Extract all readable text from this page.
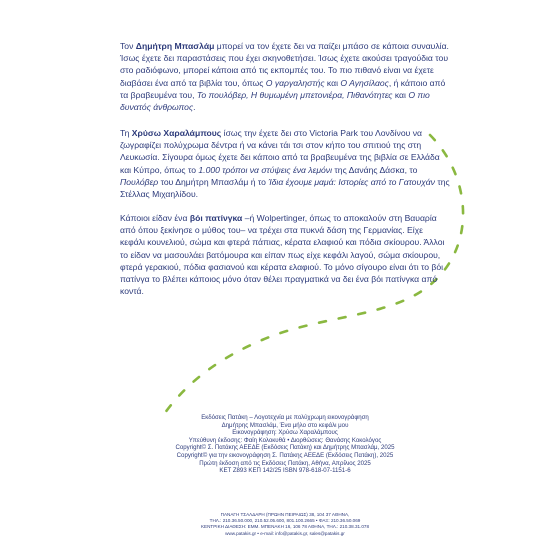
Τον Δημήτρη Μπασλάμ μπορεί να τον έχετε δει να παίζει μπάσο σε κάποια συναυλία. Ίσως έχετε δει παραστάσεις που έχει σκηνοθετήσει. Ίσως έχετε ακούσει τραγούδια του στο ραδιόφωνο, μπορεί κάποια από τις εκπομπές του. Το πιο πιθανό είναι να έχετε διαβάσει ένα από τα βιβλία του, όπως Ο γαργαληστής και Ο Αγησίλαος, ή κάποιο από τα βραβευμένα του, Το πουλόβερ, Η θυμωμένη μπετονιέρα, Πιθανότητες και Ο πιο δυνατός άνθρωπος.

Τη Χρύσω Χαραλάμπους ίσως την έχετε δει στο Victoria Park του Λονδίνου να ζωγραφίζει πολύχρωμα δέντρα ή να κάνει τάι τσι στον κήπο του σπιτιού της στη Λευκωσία. Σίγουρα όμως έχετε δει κάποιο από τα βραβευμένα της βιβλία σε Ελλάδα και Κύπρο, όπως το 1.000 τρόποι να στύψεις ένα λεμόνι της Δανάης Δάσκα, το Πουλόβερ του Δημήτρη Μπασλάμ ή το Ίδια έχουμε μαμά: Ιστορίες από το Γατουχάν της Στέλλας Μιχαηλίδου.

Κάποιοι είδαν ένα βόι πατίνγκα –ή Wolpertinger, όπως το αποκαλούν στη Βαυαρία από όπου ξεκίνησε ο μύθος του– να τρέχει στα πυκνά δάση της Γερμανίας. Είχε κεφάλι κουνελιού, σώμα και φτερά πάπιας, κέρατα ελαφιού και πόδια σκίουρου. Άλλοι το είδαν να μασουλάει βατόμουρα και είπαν πως είχε κεφάλι λαγού, σώμα σκίουρου, φτερά γερακιού, πόδια φασιανού και κέρατα ελαφιού. Το μόνο σίγουρο είναι ότι το βόι πατίνγα το βλέπει κάποιος μόνο όταν θέλει πραγματικά να δει ένα βόι πατίνγκα από κοντά.

Εκδόσεις Πατάκη – Λογοτεχνία με πολύχρωμη εικονογράφηση
Δημήτρης Μπασλάμ, Ένα μήλο στο κεφάλι μου
Εικονογράφηση: Χρύσω Χαραλάμπους
Υπεύθυνη έκδοσης: Φαίη Κολοκυθά • Διορθώσεις: Θανάσης Κοκολόγος
Copyright© Σ. Πατάκης ΑΕΕΔΕ (Εκδόσεις Πατάκη) και Δημήτρης Μπασλάμ, 2025
Copyright© για την εικονογράφηση Σ. Πατάκης ΑΕΕΔΕ (Εκδόσεις Πατάκη), 2025
Πρώτη έκδοση από τις Εκδόσεις Πατάκη, Αθήνα, Απρίλιος 2025
ΚΕΤ Z893 ΚΕΠ 142/25 ISBN 978-618-07-1151-6
ΠΑΝΑΓΗ ΤΣΑΛΔΑΡΗ (ΠΡΩΗΝ ΠΕΙΡΑΙΩΣ) 38, 104 37 ΑΘΗΝΑ,
ΤΗΛ.: 210.36.50.000, 210.52.05.600, 801.100.2665 • ΦΑΞ: 210.36.50.069
ΚΕΝΤΡΙΚΗ ΔΙΑΘΕΣΗ: ΕΜΜ. ΜΠΕΝΑΚΗ 16, 106 78 ΑΘΗΝΑ, ΤΗΛ.: 210.38.31.078
www.patakis.gr • e-mail: info@patakis.gr, sales@patakis.gr
